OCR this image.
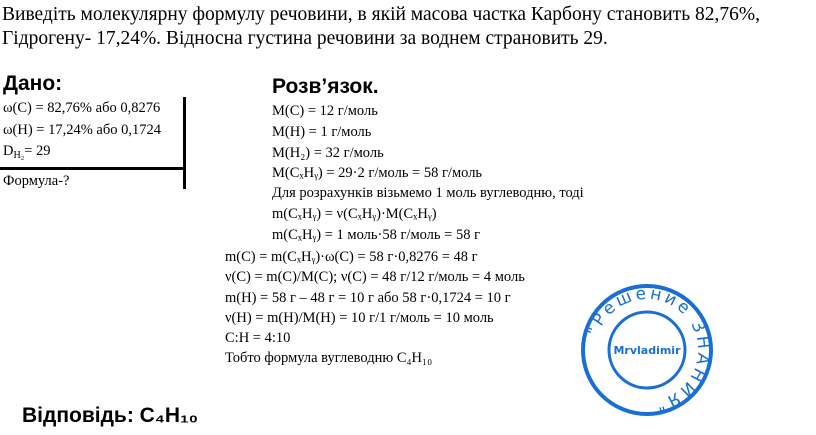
Виведіть молекулярну формулу речовини, в якій масова частка Карбону становить 82,76%,
Гідрогену- 17,24%. Відносна густина речовини за воднем страновить 29.
Дано:
ω(C) = 82,76% або 0,8276
ω(H) = 17,24% або 0,1724
$D_{H_2}= 29$
Формула-?
Розв’язок.
M(C) = 12 г/моль
M(H) = 1 г/моль
M(H₂) = 32 г/моль
M(CₓHᵧ) = 29·2 г/моль = 58 г/моль
Для розрахунків візьмемо 1 моль вуглеводню, тоді
m(CₓHᵧ) = ν(CₓHᵧ)·M(CₓHᵧ)
m(CₓHᵧ) = 1 моль·58 г/моль = 58 г
m(C) = m(CₓHᵧ)·ω(C) = 58 г·0,8276 = 48 г
ν(C) = m(C)/M(C); ν(C) = 48 г/12 г/моль = 4 моль
m(H) = 58 г – 48 г = 10 г або 58 г·0,1724 = 10 г
ν(H) = m(H)/M(H) = 10 г/1 г/моль = 10 моль
C:H = 4:10
Тобто формула вуглеводню C₄H₁₀
Відповідь: C₄H₁₀
"Решение ЗНАНИЯ"
Mrvladimir
